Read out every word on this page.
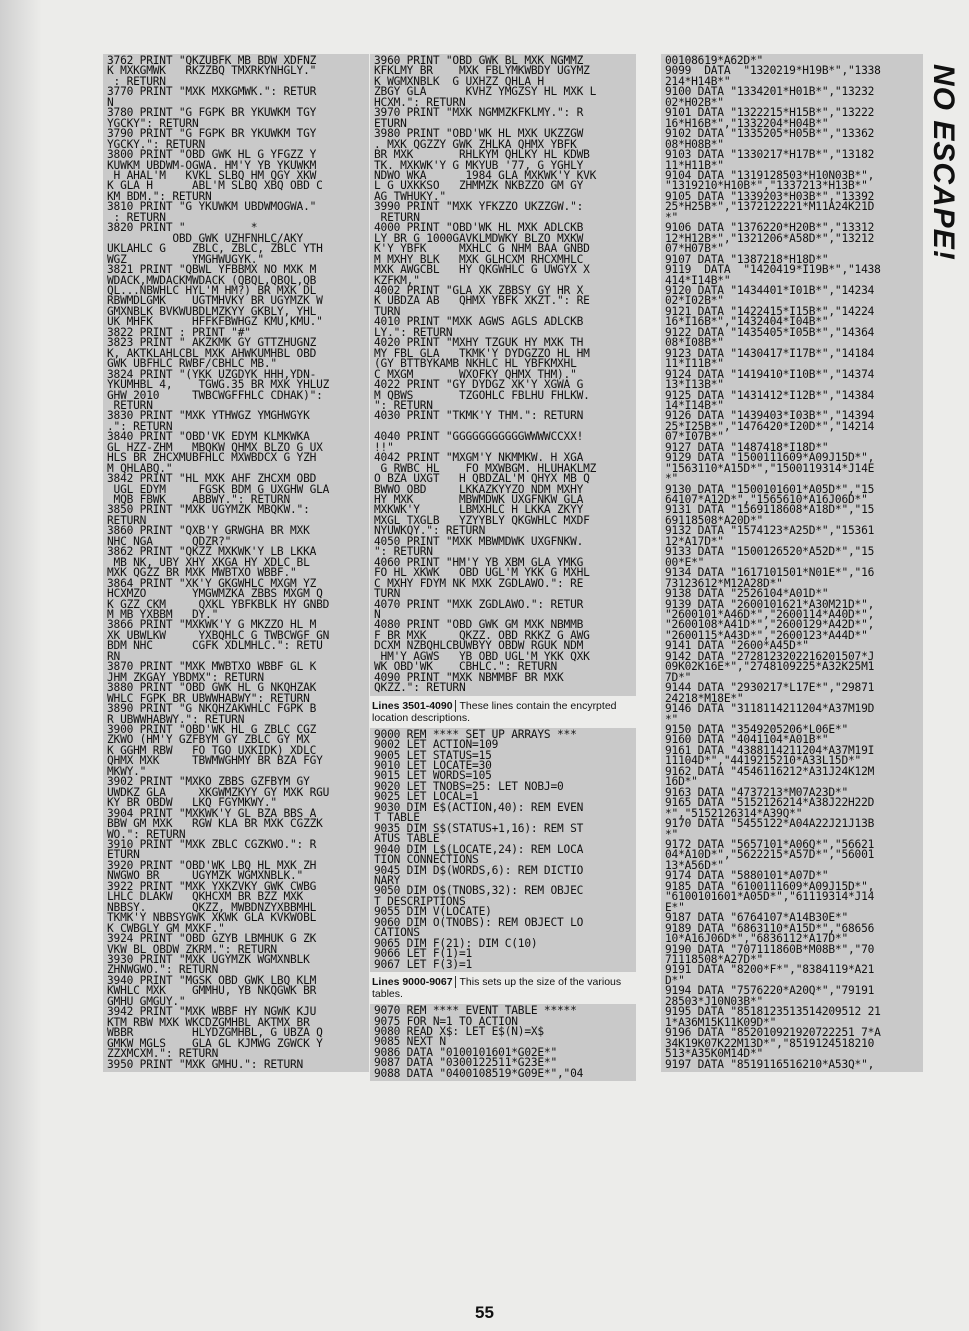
3762 PRINT "QKZUBFK MB BDW XDFNZ
K MXKGMWK   RKZZBQ TMXRKYNHGLY."
: RETURN
3770 PRINT "MXK MXKGMWK.": RETUR
N
3780 PRINT "G FGPK BR YKUWKM TGY
YGCKY": RETURN
3790 PRINT "G FGPK BR YKUWKM TGY
YGCKY.": RETURN
3800 PRINT "OBD GWK HL G YFGZZ Y
KUWKM UBDWM-OGWA. HM'Y YB YKUWKM
H AHAL'M   KVKL SLBQ HM QGY XKW
K GLA H      ABL'M SLBQ XBQ OBD C
KM BDM.": RETURN
3810 PRINT "G YKUWKM UBDWMOGWA."
: RETURN
3820 PRINT "          *
OBD GWK UZHFNHLC/AKY
UKLAHLC G    ZBLC, ZBLC, ZBLC YTH
WGZ          YMGHWUGYK."
3821 PRINT "QBWL YFBBMX NO MXK M
WDACK,MWDACKMWDACK (QBQL,QBQL,QB
QL...NBWHLC HYL'M HM?) BR MXK DL
RBWMDLGMK    UGTMHVKY BR UGYMZK W
GMXNBLK BVKWUBDLMZKYY GKBLY, YHL
UK MHFK      HFFKFBWHGZ KMU,KMU."
3822 PRINT : PRINT "#"
3823 PRINT " AKZKMK GY GTTZHUGNZ
K, AKTKLAHLCBL MXK AHWKUMHBL OBD
GWK UBFHLC RWBF/CBHLC MB."
3824 PRINT "(YKK UZGDYK HHH,YDN-
YKUMHBL 4,    TGWG.35 BR MXK YHLUZ
GHW 2010     TWBCWGFFHLC CDHAK)":
RETURN
3830 PRINT "MXK YTHWGZ YMGHWGYK
.": RETURN
3840 PRINT "OBD'VK EDYM KLMKWKA
GL HZZ-ZHM   MBQKW QHMX BLZO G UX
HLS BR ZHCXMUBFHLC MXWBDCX G YZH
M QHLABQ."
3842 PRINT "HL MXK AHF ZHCXM OBD
UGL EDYM     FGSK BDM G UXGHW GLA
MQB FBWK    ABBWY.": RETURN
3850 PRINT "MXK UGYMZK MBQKW.":
RETURN
3860 PRINT "QXB'Y GRWGHA BR MXK
NHC NGA      QDZR?"
3862 PRINT "QKZZ MXKWK'Y LB LKKA
MB NK, UBY XHY XKGA HY XDLC BL
MXK QGZZ BR MXK MWBTXO WBBF."
3864 PRINT "XK'Y GKGWHLC MXGM YZ
HCXMZO       YMGWMZKA ZBBS MXGM Q
K GZZ CKM     QXKL YBFKBLK HY GNBD
M MB YXBBM   DY."
3866 PRINT "MXKWK'Y G MKZZO HL M
XK UBWLKW     YXBQHLC G TWBCWGF GN
BDM NHC      CGFK XDLMHLC.": RETU
RN
3870 PRINT "MXK MWBTXO WBBF GL K
JHM ZKGAY YBDMX": RETURN
3880 PRINT "OBD GWK HL G NKQHZAK
WHLC FGPK BR UBWWHABWY": RETURN
3890 PRINT "G NKQHZAKWHLC FGPK B
R UBWWHABWY.": RETURN
3900 PRINT "OBD'WK HL G ZBLC CGZ
ZKWO (HM'Y GZFBYM GY ZBLC GY MX
K GGHM RBW   FO TGO UXKIDK) XDLC
QHMX MXK     TBWMWGHMY BR BZA FGY
MKWY."
3902 PRINT "MXKO ZBBS GZFBYM GY
UWDKZ GLA     XKGWMZKYY GY MXK RGU
KY BR OBDW   LKQ FGYMKWY."
3904 PRINT "MXKWK'Y GL BZA BBS A
BBW GM MXK   RGW KLA BR MXK CGZZK
WO.": RETURN
3910 PRINT "MXK ZBLC CGZKWO.": R
ETURN
3920 PRINT "OBD'WK LBQ HL MXK ZH
NWGWO BR     UGYMZK WGMXNBLK."
3922 PRINT "MXK YXKZVKY GWK CWBG
LHLC DLAKW   QKHCXM BR BZZ MXK
NBBSY.       QKZZ, MWBDNZYXBBMHL
TKMK'Y NBBSYGWK XKWK GLA KVKWOBL
K CWBGLY GM MXKF."
3924 PRINT "OBD GZYB LBMHUK G ZK
VKW BL OBDW ZKRM.": RETURN
3930 PRINT "MXK UGYMZK WGMXNBLK
ZHNWGWO.": RETURN
3940 PRINT "MGSK OBD GWK LBQ KLM
KWHLC MXK    GMMHU, YB NKQGWK BR
GMHU GMGUY."
3942 PRINT "MXK WBBF HY NGWK KJU
KTM RBW MXK WKCDZGMHBL AKTMX BR
WBBR         HLYDZGMHBL, G UBZA Q
GMKW MGLS    GLA GL KJMWG ZGWCK Y
ZZXMCXM.": RETURN
3950 PRINT "MXK GMHU.": RETURN
3960 PRINT "OBD GWK BL MXK NGMMZ
KFKLMY BR    MXK FBLYMKWBDY UGYMZ
K WGMXNBLK  G UXHZZ QHLA H
ZBGY GLA      KVHZ YMGZSY HL MXK L
HCXM.": RETURN
3970 PRINT "MXK NGMMZKFKLMY.": R
ETURN
3980 PRINT "OBD'WK HL MXK UKZZGW
. MXK QGZZY GWK ZHLKA QHMX YBFK
BR MXK       RHLKYM QHLKY HL KDWB
TK. MXKWK'Y G MKYUB '77, G YGHLY
NDWO WKA      1984 GLA MXKWK'Y KVK
L G UXKKSO   ZHMMZK NKBZZO GM GY
AG TWHUKY."
3990 PRINT "MXK YFKZZO UKZZGW.":
RETURN
4000 PRINT "OBD'WK HL MXK ADLCKB
LY BR G 1000GAVKLMDWKY BLZO MXKW
K'Y YBFK     MXHLC G NHM BAA GNBD
M MXHY BLK   MXK GLHCXM RHCXMHLC
MXK AWGCBL   HY QKGWHLC G UWGYX X
KZFKM,"
4002 PRINT "GLA XK ZBBSY GY HR X
K UBDZA AB   QHMX YBFK XKZT.": RE
TURN
4010 PRINT "MXK AGWS AGLS ADLCKB
LY.": RETURN
4020 PRINT "MXHY TZGUK HY MXK TH
MY FBL GLA   TKMK'Y DYDGZZO HL HM
(GY BTTBYKAMB NKHLC HL YBFKMXHL
C MXGM       WXOFKY QHMX THM)."
4022 PRINT "GY DYDGZ XK'Y XGWA G
M QBWS       TZGOHLC FBLHU FHLKW.
": RETURN
4030 PRINT "TKMK'Y THM.": RETURN

4040 PRINT "GGGGGGGGGGGWWWWCCXX!
!!"
4042 PRINT "MXGM'Y NKMMKW. H XGA
G RWBC HL    FO MXWBGM. HLUHAKLMZ
O BZA UXGT   H QBDZAL'M QHYX MB Q
BWWO OBD     LKKAZKYYZO NDM MXHY
HY MXK       MBWMDWK UXGFNKW GLA
MXKWK'Y      LBMXHLC H LKKA ZKYY
MXGL TXGLB   YZYYBLY QKGWHLC MXDF
NYUWKQY.": RETURN
4050 PRINT "MXK MBWMDWK UXGFNKW.
": RETURN
4060 PRINT "HM'Y YB XBM GLA YMKG
FO HL XKWK   OBD UGL'M YKK G MXHL
C MXHY FDYM NK MXK ZGDLAWO.": RE
TURN
4070 PRINT "MXK ZGDLAWO.": RETUR
N
4080 PRINT "OBD GWK GM MXK NBMMB
F BR MXK     QKZZ. OBD RKKZ G AWG
DCXM NZBQHLCBUWBYY OBDW RGUK NDM
HM'Y AGWS   YB OBD UGL'M YKK QXK
WK OBD'WK    CBHLC.": RETURN
4090 PRINT "MXK NBMMBF BR MXK
QKZZ.": RETURN
Lines 3501-4090 These lines contain the encyrpted location descriptions.
9000 REM **** SET UP ARRAYS ***
9002 LET ACTION=109
9005 LET STATUS=15
9010 LET LOCATE=30
9015 LET WORDS=105
9020 LET TNOBS=25: LET NOBJ=0
9025 LET LOCAL=1
9030 DIM E$(ACTION,40): REM EVEN
T TABLE
9035 DIM S$(STATUS+1,16): REM ST
ATUS TABLE
9040 DIM L$(LOCATE,24): REM LOCA
TION CONNECTIONS
9045 DIM D$(WORDS,6): REM DICTIO
NARY
9050 DIM O$(TNOBS,32): REM OBJEC
T DESCRIPTIONS
9055 DIM V(LOCATE)
9060 DIM O(TNOBS): REM OBJECT LO
CATIONS
9065 DIM F(21): DIM C(10)
9066 LET F(1)=1
9067 LET F(3)=1
Lines 9000-9067 This sets up the size of the various tables.
9070 REM **** EVENT TABLE *****
9075 FOR N=1 TO ACTION
9080 READ X$: LET E$(N)=X$
9085 NEXT N
9086 DATA "0100101601*G02E*"
9087 DATA "0300122511*G23E*"
9088 DATA "0400108519*G09E*","04
00108619*A62D*"
9099  DATA  "1320219*H19B*","1338
214*H14B*"
9100 DATA "1334201*H01B*","13232
02*H02B*"
9101 DATA "1322215*H15B*","13222
16*H16B*","1332204*H04B*"
9102 DATA "1335205*H05B*","13362
08*H08B*"
9103 DATA "1330217*H17B*","13182
11*H11B*"
9104 DATA "1319128503*H10N03B*",
"1319210*H10B*","1337213*H13B*"
9105 DATA "1339203*H03B*","13392
25*H25B*","1372122221*M11A24K21D
*"
9106 DATA "1376220*H20B*","13312
12*H12B*","1321206*A58D*","13212
07*H07B*"
9107 DATA "1387218*H18D*"
9119  DATA  "1420419*I19B*","1438
414*I14B*"
9120 DATA "1434401*I01B*","14234
02*I02B*"
9121 DATA "1422415*I15B*","14224
16*I16B*","1432404*I04B*"
9122 DATA "1435405*I05B*","14364
08*I08B*"
9123 DATA "1430417*I17B*","14184
11*I11B*"
9124 DATA "1419410*I10B*","14374
13*I13B*"
9125 DATA "1431412*I12B*","14384
14*I14B*"
9126 DATA "1439403*I03B*","14394
25*I25B*","1476420*I20D*","14214
07*I07B*"
9127 DATA "1487418*I18D*"
9129 DATA "1500111609*A09J15D*",
"1563110*A15D*","1500119314*J14E
*"
9130 DATA "1500101601*A05D*","15
64107*A12D*","1565610*A16J06D*"
9131 DATA "1569118608*A18D*","15
69118508*A20D*"
9132 DATA "1574123*A25D*","15361
12*A17D*"
9133 DATA "1500126520*A52D*","15
00*E*"
9134 DATA "1617101501*N01E*","16
73123612*M12A28D*"
9138 DATA "2526104*A01D*"
9139 DATA "2600101621*A30M21D*",
"2600101*A46D*","2600114*A40D*",
"2600108*A41D*","2600129*A42D*",
"2600115*A43D*","2600123*A44D*"
9141 DATA "2600*A45D*"
9142 DATA "2728123202216201507*J
09K02K16E*","2748109225*A32K25M1
7D*"
9144 DATA "2930217*L17E*","29871
24218*M18E*"
9146 DATA "3118114211204*A37M19D
*"
9150 DATA "3549205206*L06E*"
9160 DATA "4041104*A01B*"
9161 DATA "4388114211204*A37M19I
11104D*","4419215210*A33L15D*"
9162 DATA "4546116212*A31J24K12M
16D*"
9163 DATA "4737213*M07A23D*"
9165 DATA "5152126214*A38J22H22D
*","5152126314*A39Q*"
9170 DATA "5455122*A04A22J21J13B
*"
9172 DATA "5657101*A06Q*","56621
04*A10D*","5622215*A57D*","56001
13*A56D*"
9174 DATA "5880101*A07D*"
9185 DATA "6100111609*A09J15D*",
"6100101601*A05D*","61119314*J14
E*"
9187 DATA "6764107*A14B30E*"
9189 DATA "6863110*A15D*","68656
10*A16J06D*","6836112*A17D*"
9190 DATA "707111860B*M08B*","70
71118508*A27D*"
9191 DATA "8200*F*","8384119*A21
D*"
9194 DATA "7576220*A20Q*","79191
28503*J10N03B*"
9195 DATA "8518123513514209512 21
1*A36M15K11K09D*"
9196 DATA "852010921920722251 7*A
34K19K07K22M13D*","8519124518210
513*A35K0M14D*"
9197 DATA "8519116516210*A53Q*",
NO ESCAPE!
55
